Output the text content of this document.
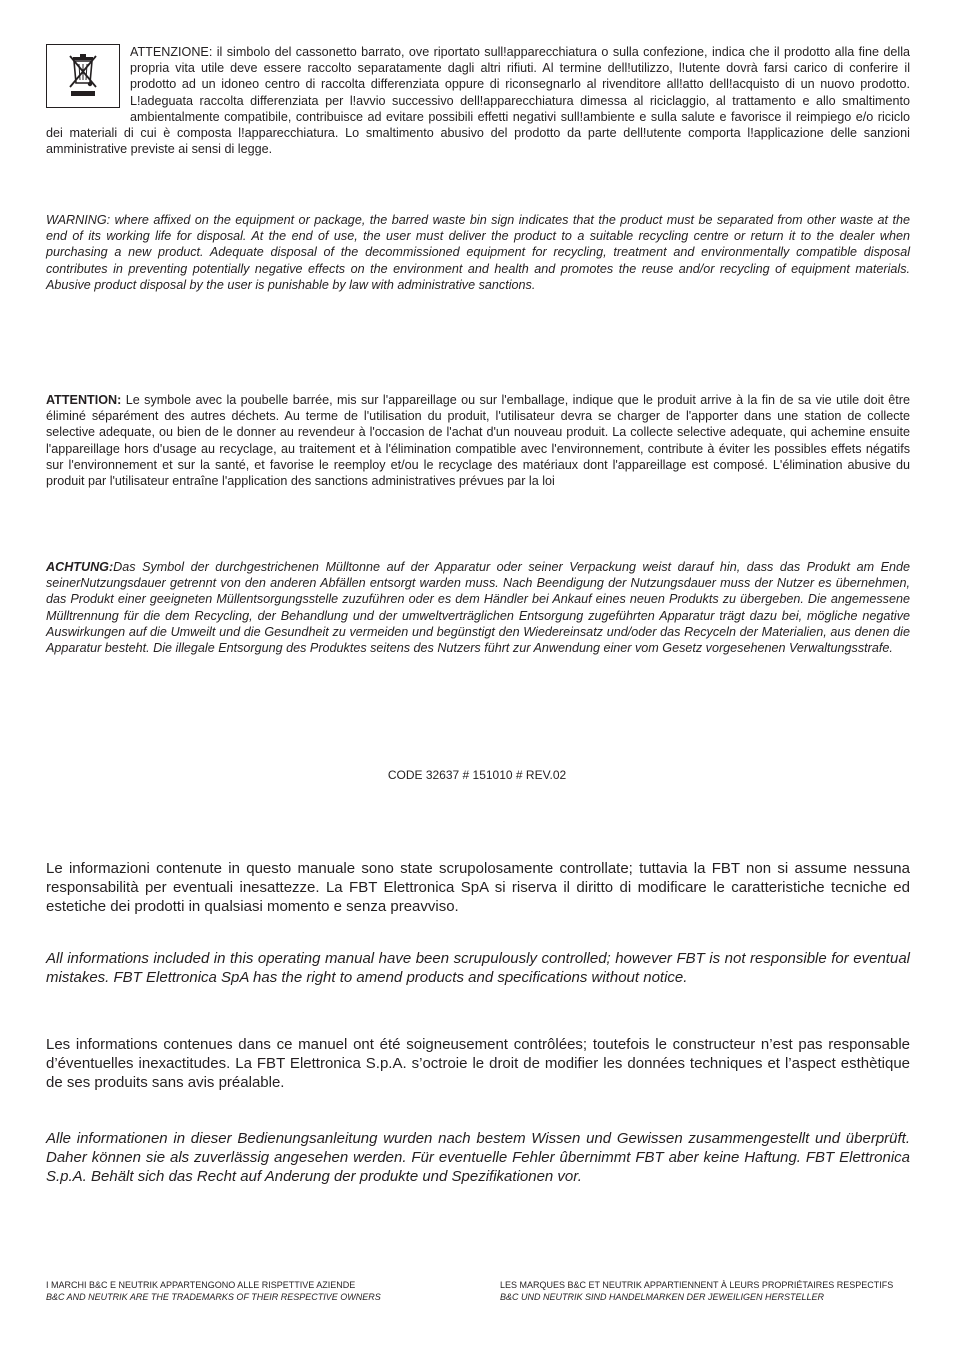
ATTENZIONE: il simbolo del cassonetto barrato, ove riportato sull!apparecchiatura o sulla confezione, indica che il prodotto alla fine della propria vita utile deve essere raccolto separatamente dagli altri rifiuti. Al termine dell!utilizzo, l!utente dovrà farsi carico di conferire il prodotto ad un idoneo centro di raccolta differenziata oppure di riconsegnarlo al rivenditore all!atto dell!acquisto di un nuovo prodotto. L!adeguata raccolta differenziata per l!avvio successivo dell!apparecchiatura dimessa al riciclaggio, al trattamento e allo smaltimento ambientalmente compatibile, contribuisce ad evitare possibili effetti negativi sull!ambiente e sulla salute e favorisce il reimpiego e/o riciclo dei materiali di cui è composta l!apparecchiatura. Lo smaltimento abusivo del prodotto da parte dell!utente comporta l!applicazione delle sanzioni amministrative previste ai sensi di legge.

WARNING: where affixed on the equipment or package, the barred waste bin sign indicates that the product must be separated from other waste at the end of its working life for disposal. At the end of use, the user must deliver the product to a suitable recycling centre or return it to the dealer when purchasing a new product. Adequate disposal of the decommissioned equipment for recycling, treatment and environmentally compatible disposal contributes in preventing potentially negative effects on the environment and health and promotes the reuse and/or recycling of equipment materials. Abusive product disposal by the user is punishable by law with administrative sanctions.

ATTENTION: Le symbole avec la poubelle barrée, mis sur l'appareillage ou sur l'emballage, indique que le produit arrive à la fin de sa vie utile doit être éliminé séparément des autres déchets. Au terme de l'utilisation du produit, l'utilisateur devra se charger de l'apporter dans une station de collecte selective adequate, ou bien de le donner au revendeur à l'occasion de l'achat d'un nouveau produit. La collecte selective adequate, qui achemine ensuite l'appareillage hors d'usage au recyclage, au traitement et à l'élimination compatible avec l'environnement, contribute à éviter les possibles effets négatifs sur l'environnement et sur la santé, et favorise le reemploy et/ou le recyclage des matériaux dont l'appareillage est composé. L'élimination abusive du produit par l'utilisateur entraîne l'application des sanctions administratives prévues par la loi

ACHTUNG:Das Symbol der durchgestrichenen Mülltonne auf der Apparatur oder seiner Verpackung weist darauf hin, dass das Produkt am Ende seinerNutzungsdauer getrennt von den anderen Abfällen entsorgt warden muss. Nach Beendigung der Nutzungsdauer muss der Nutzer es übernehmen, das Produkt einer geeigneten Müllentsorgungsstelle zuzuführen oder es dem Händler bei Ankauf eines neuen Produkts zu übergeben. Die angemessene Mülltrennung für die dem Recycling, der Behandlung und der umweltverträglichen Entsorgung zugeführten Apparatur trägt dazu bei, mögliche negative Auswirkungen auf die Umweilt und die Gesundheit zu vermeiden und begünstigt den Wiedereinsatz und/oder das Recyceln der Materialien, aus denen die Apparatur besteht. Die illegale Entsorgung des Produktes seitens des Nutzers führt zur Anwendung einer vom Gesetz vorgesehenen Verwaltungsstrafe.

CODE 32637 # 151010 # REV.02

Le informazioni contenute in questo manuale sono state scrupolosamente controllate; tuttavia la FBT non si assume nessuna responsabilità per eventuali inesattezze. La FBT Elettronica SpA si riserva il diritto di modificare le caratteristiche tecniche ed estetiche dei prodotti in qualsiasi momento e senza preavviso.

All informations included in this operating manual have been scrupulously controlled; however FBT is not responsible for eventual mistakes. FBT Elettronica SpA has the right to amend products and specifications without notice.

Les informations contenues dans ce manuel ont été soigneusement contrôlées; toutefois le constructeur n’est pas responsable d’éventuelles inexactitudes. La FBT Elettronica S.p.A. s’octroie le droit de modifier les données techniques et l’aspect esthètique de ses produits sans avis préalable.

Alle informationen in dieser Bedienungsanleitung wurden nach bestem Wissen und Gewissen zusammengestellt und überprüft. Daher können sie als zuverlässig angesehen werden. Für eventuelle Fehler ûbernimmt FBT aber keine Haftung. FBT Elettronica S.p.A. Behält sich das Recht auf Anderung der produkte und Spezifikationen vor.

I MARCHI B&C E NEUTRIK APPARTENGONO ALLE RISPETTIVE AZIENDE
B&C AND NEUTRIK ARE THE TRADEMARKS OF THEIR RESPECTIVE OWNERS
LES MARQUES B&C ET NEUTRIK APPARTIENNENT À LEURS PROPRIÉTAIRES RESPECTIFS
B&C UND NEUTRIK SIND HANDELMARKEN DER JEWEILIGEN HERSTELLER
